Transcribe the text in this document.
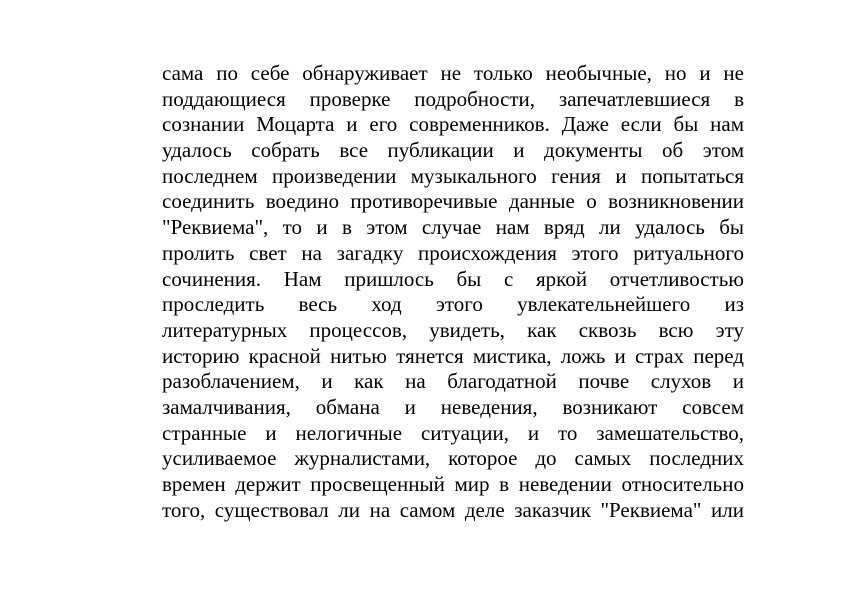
сама по себе обнаруживает не только необычные, но и не
поддающиеся проверке подробности, запечатлевшиеся в
сознании Моцарта и его современников. Даже если бы нам
удалось собрать все публикации и документы об этом
последнем произведении музыкального гения и попытаться
соединить воедино противоречивые данные о возникновении
"Реквиема", то и в этом случае нам вряд ли удалось бы
пролить свет на загадку происхождения этого ритуального
сочинения. Нам пришлось бы с яркой отчетливостью
проследить весь ход этого увлекательнейшего из
литературных процессов, увидеть, как сквозь всю эту
историю красной нитью тянется мистика, ложь и страх перед
разоблачением, и как на благодатной почве слухов и
замалчивания, обмана и неведения, возникают совсем
странные и нелогичные ситуации, и то замешательство,
усиливаемое журналистами, которое до самых последних
времен держит просвещенный мир в неведении относительно
того, существовал ли на самом деле заказчик "Реквиема" или
